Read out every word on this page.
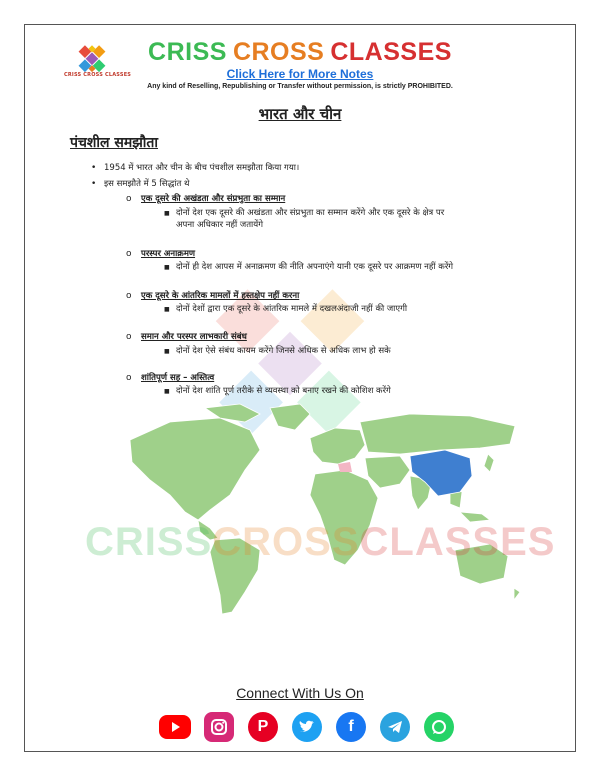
CRISS CROSS CLASSES
CRISS CROSS CLASSES
Click Here for More Notes
Any kind of Reselling, Republishing or Transfer without permission, is strictly PROHIBITED.
भारत और चीन
पंचशील समझौता
• 1954 में भारत और चीन के बीच पंचशील समझौता किया गया।
• इस समझौते में 5 सिद्धांत थे
o एक दूसरे की अखंडता और संप्रभुता का सम्मान
■ दोनों देश एक दूसरे की अखंडता और संप्रभुता का सम्मान करेंगे और एक दूसरे के क्षेत्र पर
अपना अधिकार नहीं जतायेंगे
o परस्पर अनाक्रमण
■ दोनों ही देश आपस में अनाक्रमण की नीति अपनाएंगे यानी एक दूसरे पर आक्रमण नहीं करेंगे
o एक दूसरे के आंतरिक मामलों में हस्तक्षेप नहीं करना
■ दोनों देशों द्वारा एक दूसरे के आंतरिक मामले में दखलअंदाजी नहीं की जाएगी
o समान और परस्पर लाभकारी संबंध
■ दोनों देश ऐसे संबंध कायम करेंगे जिनसे अधिक से अधिक लाभ हो सके
o शांतिपूर्ण सह – अस्तित्व
■ दोनों देश शांति पूर्ण तरीके से व्यवस्था को बनाए रखने की कोशिश करेंगे
CRISSCROSSCLASSES
Connect With Us On
P	f
